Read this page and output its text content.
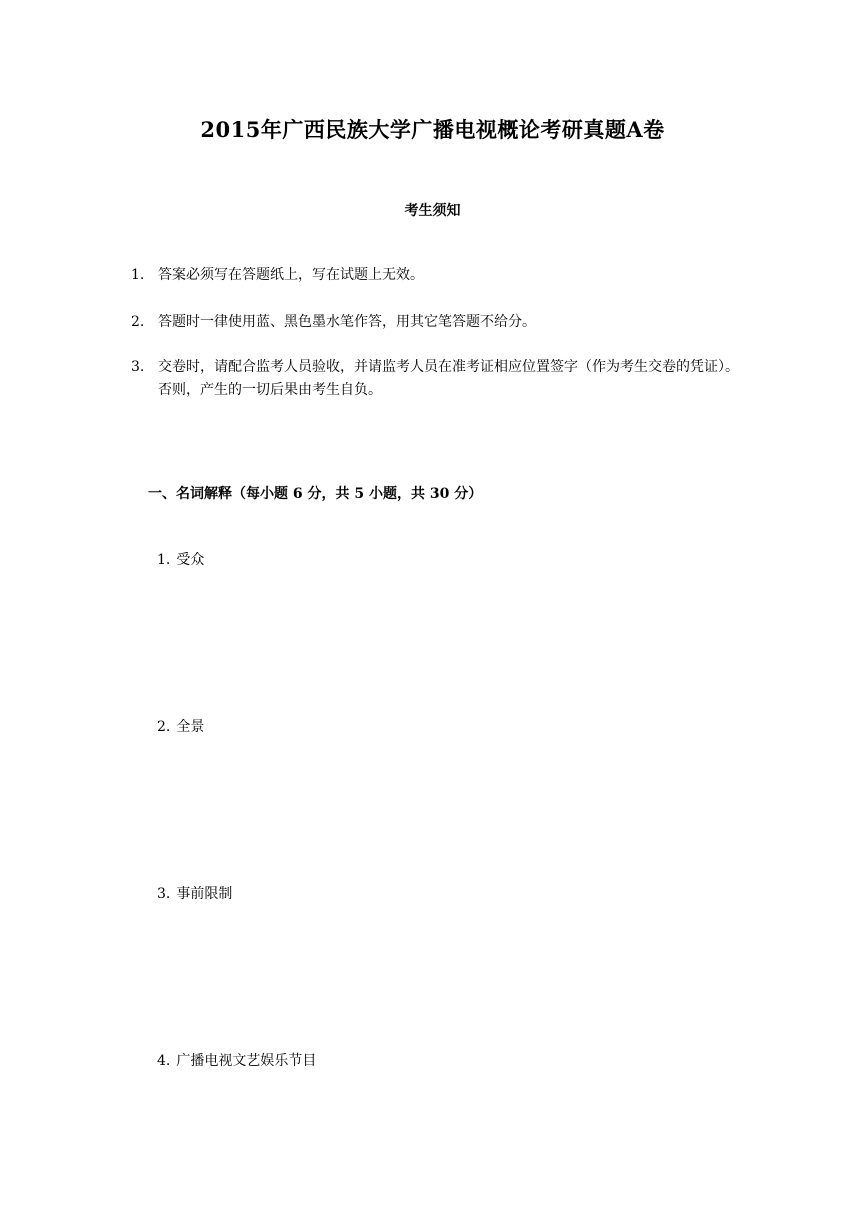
2015年广西民族大学广播电视概论考研真题A卷
考生须知
1. 答案必须写在答题纸上，写在试题上无效。
2. 答题时一律使用蓝、黑色墨水笔作答，用其它笔答题不给分。
3. 交卷时，请配合监考人员验收，并请监考人员在准考证相应位置签字（作为考生交卷的凭证）。否则，产生的一切后果由考生自负。
一、名词解释（每小题 6 分，共 5 小题，共 30 分）
1. 受众
2. 全景
3. 事前限制
4. 广播电视文艺娱乐节目
